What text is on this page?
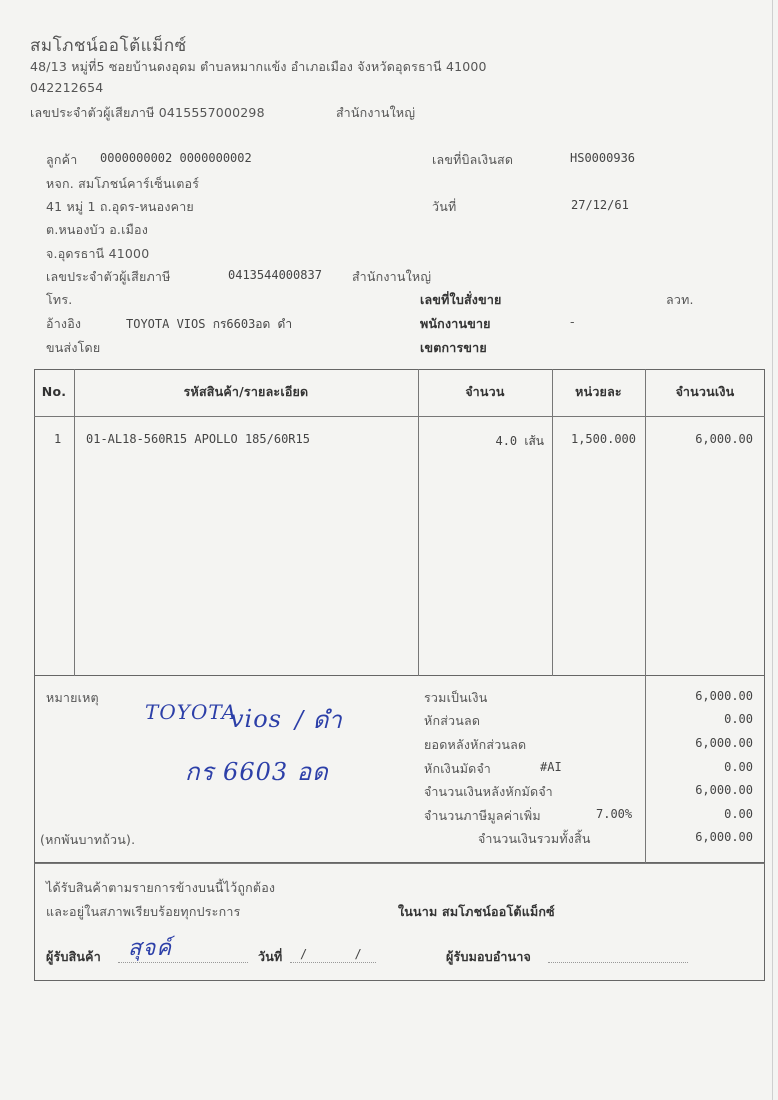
สมโภชน์ออโต้แม็กซ์
48/13 หมู่ที่5 ซอยบ้านดงอุดม ตำบลหมากแข้ง อำเภอเมือง จังหวัดอุดรธานี 41000
042212654
เลขประจำตัวผู้เสียภาษี 0415557000298	สำนักงานใหญ่
ลูกค้า 0000000002 0000000002
หจก. สมโภชน์คาร์เซ็นเตอร์
41 หมู่ 1 ถ.อุดร-หนองคาย
ต.หนองบัว อ.เมือง
จ.อุดรธานี 41000
เลขประจำตัวผู้เสียภาษี	0413544000837 สำนักงานใหญ่
โทร.
อ้างอิง	TOYOTA VIOS กร6603อด ดำ
ขนส่งโดย
เลขที่บิลเงินสด	HS0000936
วันที่	27/12/61
เลขที่ใบสั่งขาย	ลวท.
พนักงานขาย	-
เขตการขาย
No.	รหัสสินค้า/รายละเอียด	จำนวน	หน่วยละ	จำนวนเงิน
1 01-AL18-560R15 APOLLO 185/60R15	4.0 เส้น	1,500.000	6,000.00
หมายเหตุ
(หกพันบาทถ้วน).
TOYOTA
vios / ดำ
กร 6603 อด
รวมเป็นเงิน	6,000.00
หักส่วนลด	0.00
ยอดหลังหักส่วนลด	6,000.00
หักเงินมัดจำ	#AI	0.00
จำนวนเงินหลังหักมัดจำ	6,000.00
จำนวนภาษีมูลค่าเพิ่ม	7.00%	0.00
จำนวนเงินรวมทั้งสิ้น	6,000.00
ได้รับสินค้าตามรายการข้างบนนี้ไว้ถูกต้อง
และอยู่ในสภาพเรียบร้อยทุกประการ	ในนาม สมโภชน์ออโต้แม็กซ์
ผู้รับสินค้า สุจค์	วันที่ / /	ผู้รับมอบอำนาจ
